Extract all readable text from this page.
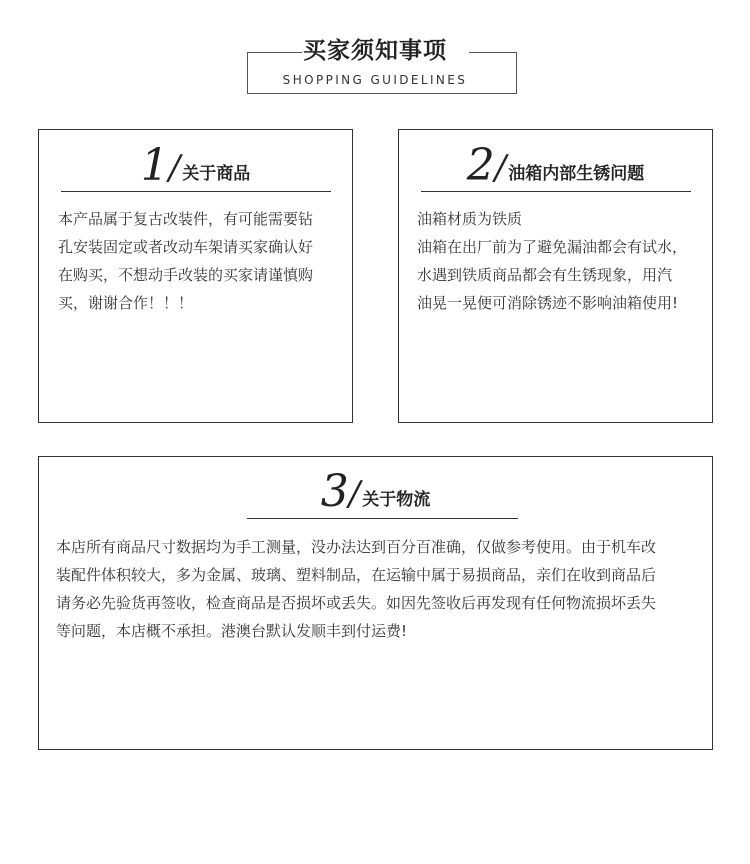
买家须知事项
SHOPPING GUIDELINES
1 / 关于商品

本产品属于复古改装件，有可能需要钻

孔安装固定或者改动车架请买家确认好

在购买，不想动手改装的买家请谨慎购

买，谢谢合作！！！

2 / 油箱内部生锈问题

油箱材质为铁质

油箱在出厂前为了避免漏油都会有试水，

水遇到铁质商品都会有生锈现象，用汽

油晃一晃便可消除锈迹不影响油箱使用!

3 / 关于物流

本店所有商品尺寸数据均为手工测量，没办法达到百分百准确，仅做参考使用。由于机车改

装配件体积较大，多为金属、玻璃、塑料制品，在运输中属于易损商品，亲们在收到商品后

请务必先验货再签收，检查商品是否损坏或丢失。如因先签收后再发现有任何物流损坏丢失

等问题，本店概不承担。港澳台默认发顺丰到付运费!
